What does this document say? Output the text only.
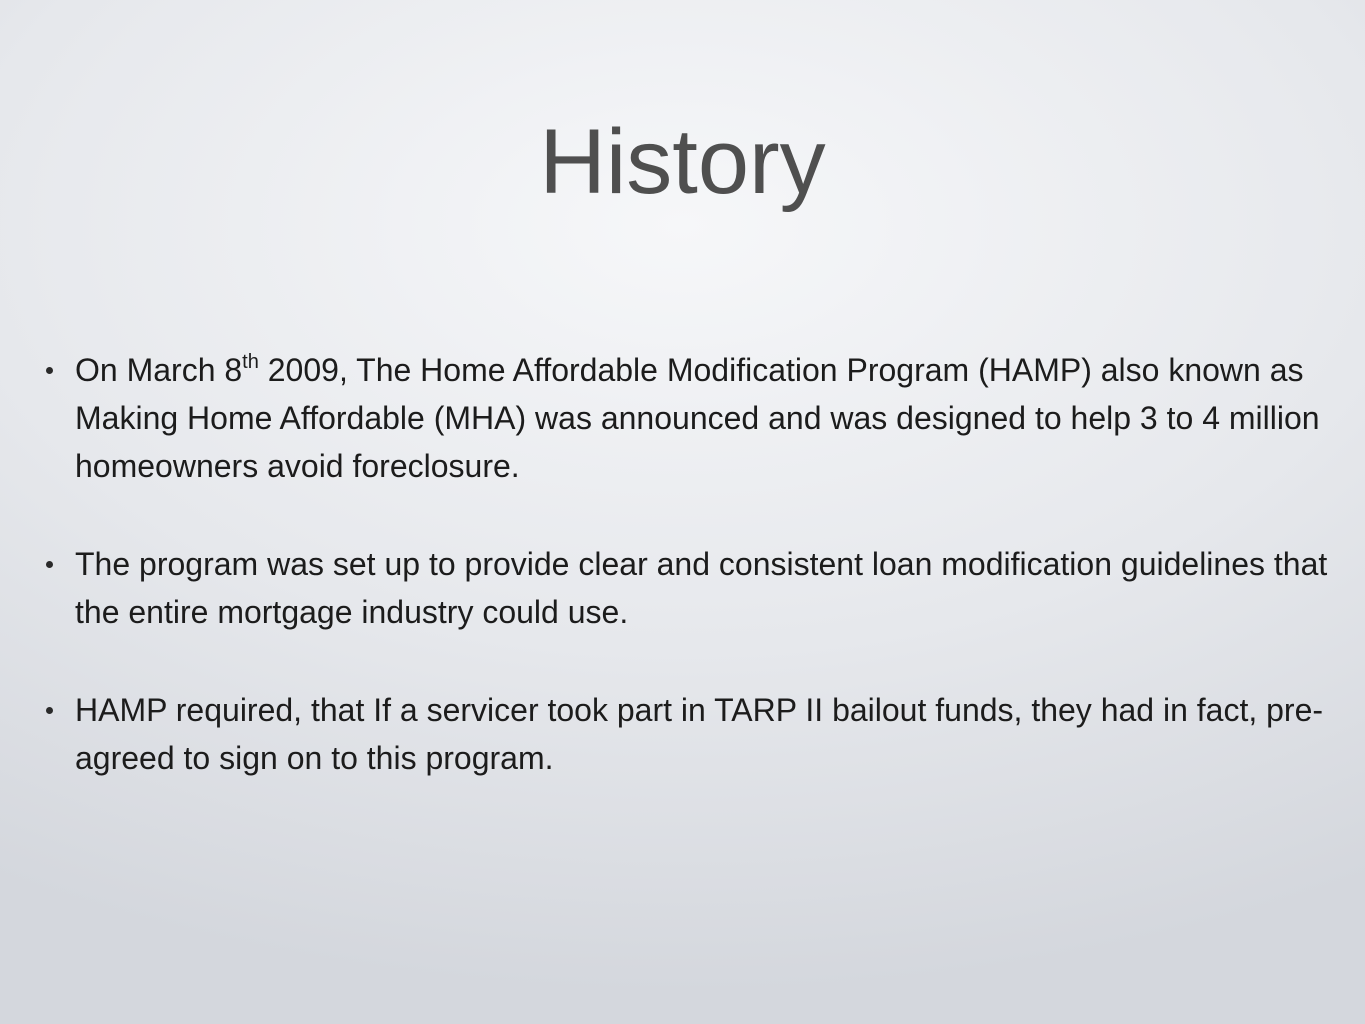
History
On March 8th 2009, The Home Affordable Modification Program (HAMP) also known as Making Home Affordable (MHA) was announced and was designed to help 3 to 4 million homeowners avoid foreclosure.
The program was set up to provide clear and consistent loan modification guidelines that the entire mortgage industry could use.
HAMP required, that If a servicer took part in TARP II bailout funds, they had in fact, pre-agreed to sign on to this program.
